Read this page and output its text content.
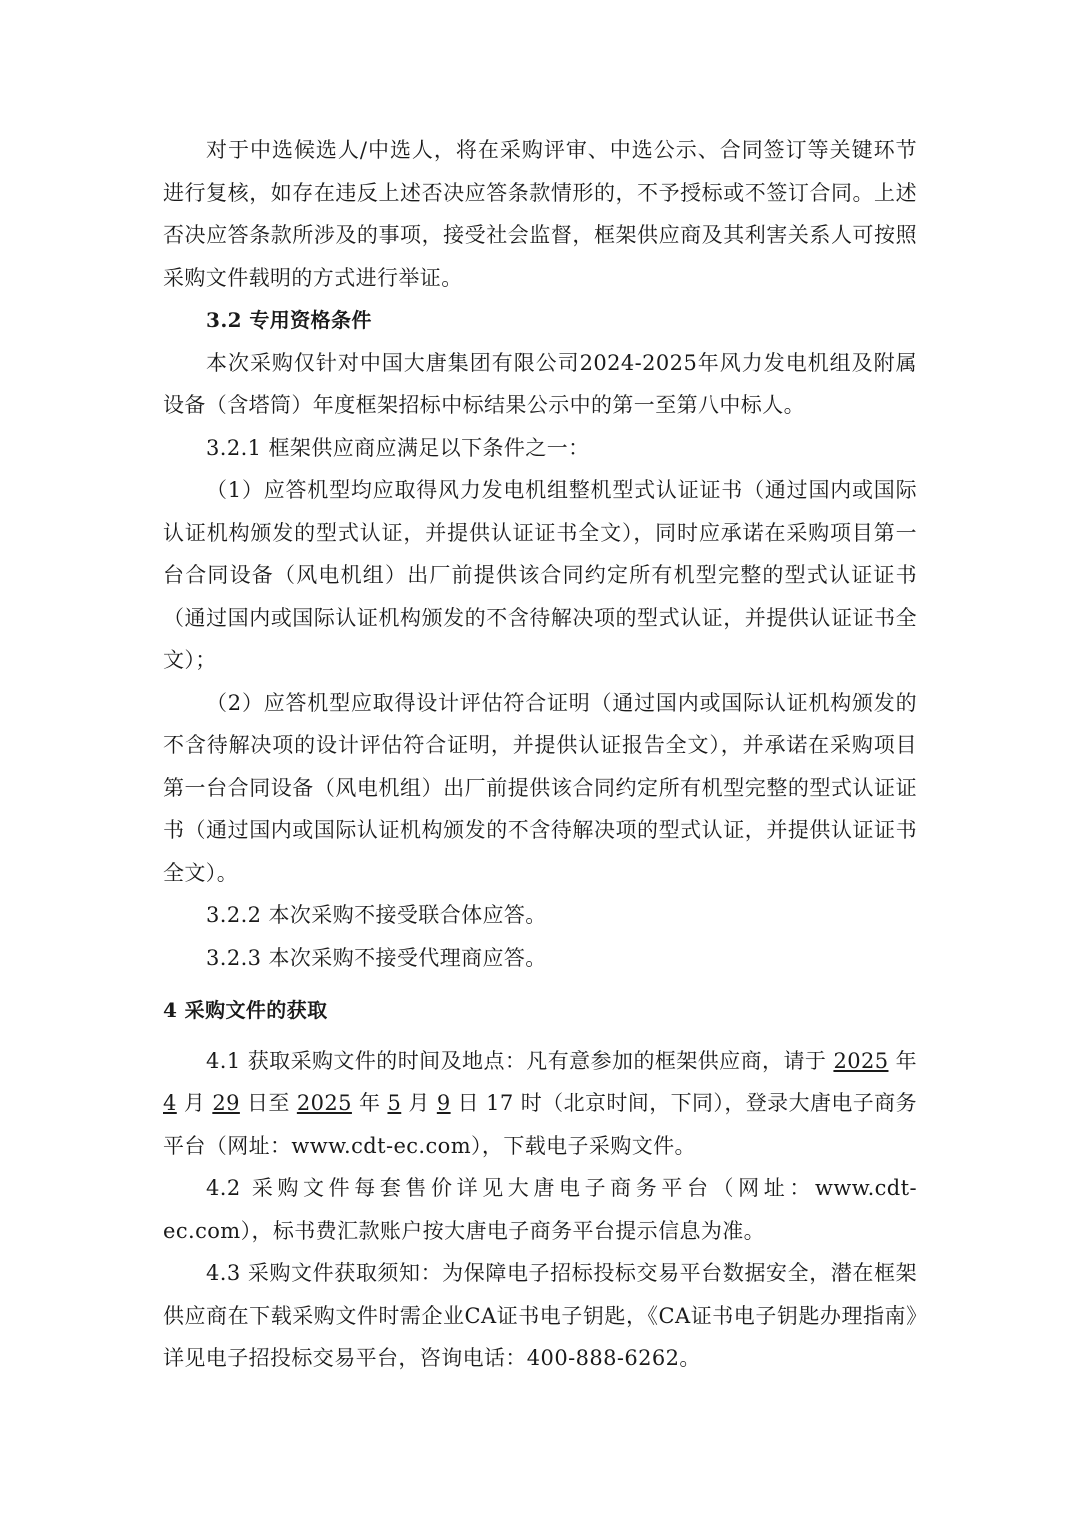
对于中选候选人/中选人，将在采购评审、中选公示、合同签订等关键环节进行复核，如存在违反上述否决应答条款情形的，不予授标或不签订合同。上述否决应答条款所涉及的事项，接受社会监督，框架供应商及其利害关系人可按照采购文件载明的方式进行举证。

3.2 专用资格条件

本次采购仅针对中国大唐集团有限公司2024-2025年风力发电机组及附属设备（含塔筒）年度框架招标中标结果公示中的第一至第八中标人。

3.2.1 框架供应商应满足以下条件之一：

（1）应答机型均应取得风力发电机组整机型式认证证书（通过国内或国际认证机构颁发的型式认证，并提供认证证书全文），同时应承诺在采购项目第一台合同设备（风电机组）出厂前提供该合同约定所有机型完整的型式认证证书（通过国内或国际认证机构颁发的不含待解决项的型式认证，并提供认证证书全文）；

（2）应答机型应取得设计评估符合证明（通过国内或国际认证机构颁发的不含待解决项的设计评估符合证明，并提供认证报告全文），并承诺在采购项目第一台合同设备（风电机组）出厂前提供该合同约定所有机型完整的型式认证证书（通过国内或国际认证机构颁发的不含待解决项的型式认证，并提供认证证书全文）。

3.2.2 本次采购不接受联合体应答。

3.2.3 本次采购不接受代理商应答。

4 采购文件的获取

4.1 获取采购文件的时间及地点：凡有意参加的框架供应商，请于 2025 年 4 月 29 日至 2025 年 5 月 9 日 17 时（北京时间，下同），登录大唐电子商务平台（网址：www.cdt-ec.com），下载电子采购文件。

4.2 采购文件每套售价详见大唐电子商务平台（网址：www.cdt-ec.com），标书费汇款账户按大唐电子商务平台提示信息为准。

4.3 采购文件获取须知：为保障电子招标投标交易平台数据安全，潜在框架供应商在下载采购文件时需企业CA证书电子钥匙，《CA证书电子钥匙办理指南》详见电子招投标交易平台，咨询电话：400-888-6262。
